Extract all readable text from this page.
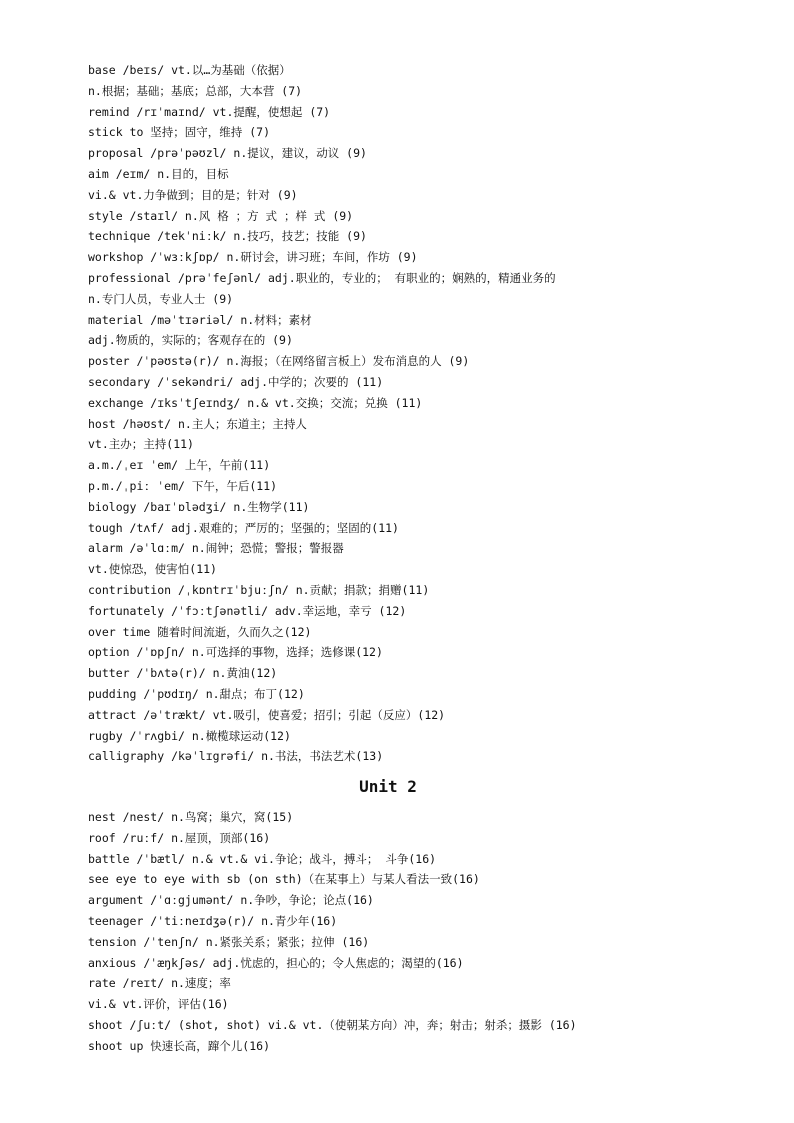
base /beɪs/ vt.以…为基础（依据）
n.根据；基础；基底；总部，大本营 (7)
remind /rɪˈmaɪnd/ vt.提醒，使想起 (7)
stick to 坚持；固守，维持 (7)
proposal /prəˈpəʊzl/ n.提议，建议，动议 (9)
aim /eɪm/ n.目的，目标
vi.& vt.力争做到；目的是；针对 (9)
style /staɪl/ n.风 格 ；方 式 ；样 式 (9)
technique /tekˈniːk/ n.技巧，技艺；技能 (9)
workshop /ˈwɜːkʃɒp/ n.研讨会，讲习班；车间，作坊 (9)
professional /prəˈfeʃənl/ adj.职业的，专业的； 有职业的；娴熟的，精通业务的
n.专门人员，专业人士 (9)
material /məˈtɪəriəl/ n.材料；素材
adj.物质的，实际的；客观存在的 (9)
poster /ˈpəʊstə(r)/ n.海报；（在网络留言板上）发布消息的人 (9)
secondary /ˈsekəndri/ adj.中学的；次要的 (11)
exchange /ɪksˈtʃeɪndʒ/ n.& vt.交换；交流；兑换 (11)
host /həʊst/ n.主人；东道主；主持人
vt.主办；主持(11)
a.m./ˌeɪ ˈem/ 上午，午前(11)
p.m./ˌpiː ˈem/ 下午，午后(11)
biology /baɪˈɒlədʒi/ n.生物学(11)
tough /tʌf/ adj.艰难的；严厉的；坚强的；坚固的(11)
alarm /əˈlɑːm/ n.闹钟；恐慌；警报；警报器
vt.使惊恐，使害怕(11)
contribution /ˌkɒntrɪˈbjuːʃn/ n.贡献；捐款；捐赠(11)
fortunately /ˈfɔːtʃənətli/ adv.幸运地，幸亏 (12)
over time 随着时间流逝，久而久之(12)
option /ˈɒpʃn/ n.可选择的事物，选择；选修课(12)
butter /ˈbʌtə(r)/ n.黄油(12)
pudding /ˈpʊdɪŋ/ n.甜点；布丁(12)
attract /əˈtrækt/ vt.吸引，使喜爱；招引；引起（反应）(12)
rugby /ˈrʌgbi/ n.橄榄球运动(12)
calligraphy /kəˈlɪgrəfi/ n.书法，书法艺术(13)
Unit 2
nest /nest/ n.鸟窝；巢穴，窝(15)
roof /ruːf/ n.屋顶，顶部(16)
battle /ˈbætl/ n.& vt.& vi.争论；战斗，搏斗； 斗争(16)
see eye to eye with sb (on sth)（在某事上）与某人看法一致(16)
argument /ˈɑːgjumənt/ n.争吵，争论；论点(16)
teenager /ˈtiːneɪdʒə(r)/ n.青少年(16)
tension /ˈtenʃn/ n.紧张关系；紧张；拉伸 (16)
anxious /ˈæŋkʃəs/ adj.忧虑的，担心的；令人焦虑的；渴望的(16)
rate /reɪt/ n.速度；率
vi.& vt.评价，评估(16)
shoot /ʃuːt/ (shot, shot) vi.& vt.（使朝某方向）冲，奔；射击；射杀；摄影 (16)
shoot up 快速长高，蹿个儿(16)
